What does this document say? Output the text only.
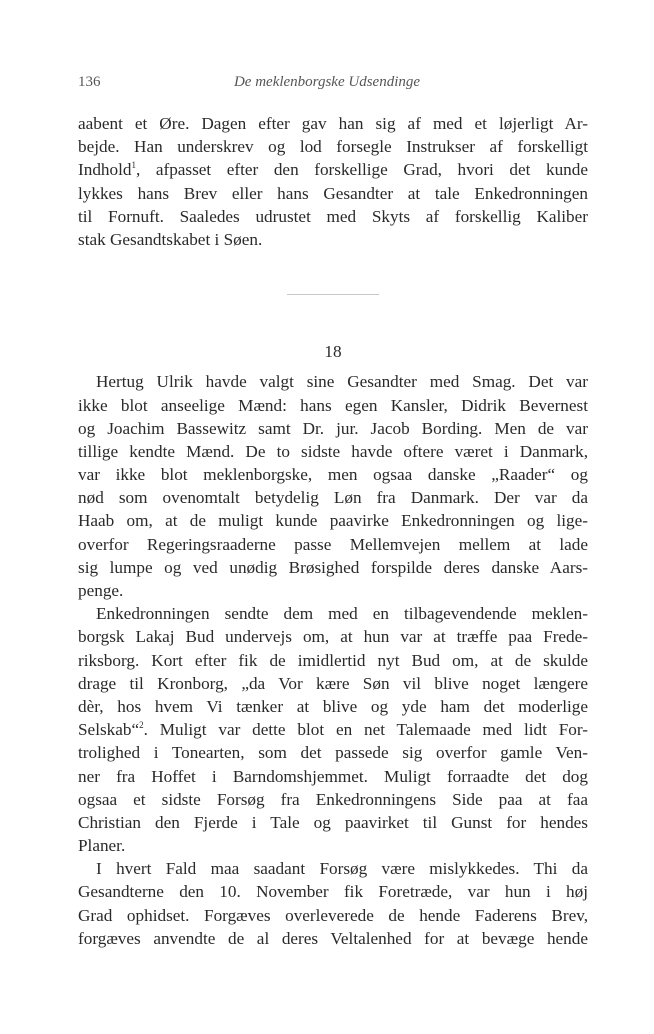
136	De meklenborgske Udsendinge
aabent et Øre. Dagen efter gav han sig af med et løjerligt Ar-
bejde. Han underskrev og lod forsegle Instrukser af forskelligt
Indhold$^1$, afpasset efter den forskellige Grad, hvori det kunde
lykkes hans Brev eller hans Gesandter at tale Enkedronningen
til Fornuft. Saaledes udrustet med Skyts af forskellig Kaliber
stak Gesandtskabet i Søen.
18
Hertug Ulrik havde valgt sine Gesandter med Smag. Det var
ikke blot anseelige Mænd: hans egen Kansler, Didrik Bevernest
og Joachim Bassewitz samt Dr. jur. Jacob Bording. Men de var
tillige kendte Mænd. De to sidste havde oftere været i Danmark,
var ikke blot meklenborgske, men ogsaa danske „Raader“ og
nød som ovenomtalt betydelig Løn fra Danmark. Der var da
Haab om, at de muligt kunde paavirke Enkedronningen og lige-
overfor Regeringsraaderne passe Mellemvejen mellem at lade
sig lumpe og ved unødig Brøsighed forspilde deres danske Aars-
penge.
Enkedronningen sendte dem med en tilbagevendende meklen-
borgsk Lakaj Bud undervejs om, at hun var at træffe paa Frede-
riksborg. Kort efter fik de imidlertid nyt Bud om, at de skulde
drage til Kronborg, „da Vor kære Søn vil blive noget længere
dèr, hos hvem Vi tænker at blive og yde ham det moderlige
Selskab“$^2$. Muligt var dette blot en net Talemaade med lidt For-
trolighed i Tonearten, som det passede sig overfor gamle Ven-
ner fra Hoffet i Barndomshjemmet. Muligt forraadte det dog
ogsaa et sidste Forsøg fra Enkedronningens Side paa at faa
Christian den Fjerde i Tale og paavirket til Gunst for hendes
Planer.
I hvert Fald maa saadant Forsøg være mislykkedes. Thi da
Gesandterne den 10. November fik Foretræde, var hun i høj
Grad ophidset. Forgæves overleverede de hende Faderens Brev,
forgæves anvendte de al deres Veltalenhed for at bevæge hende
